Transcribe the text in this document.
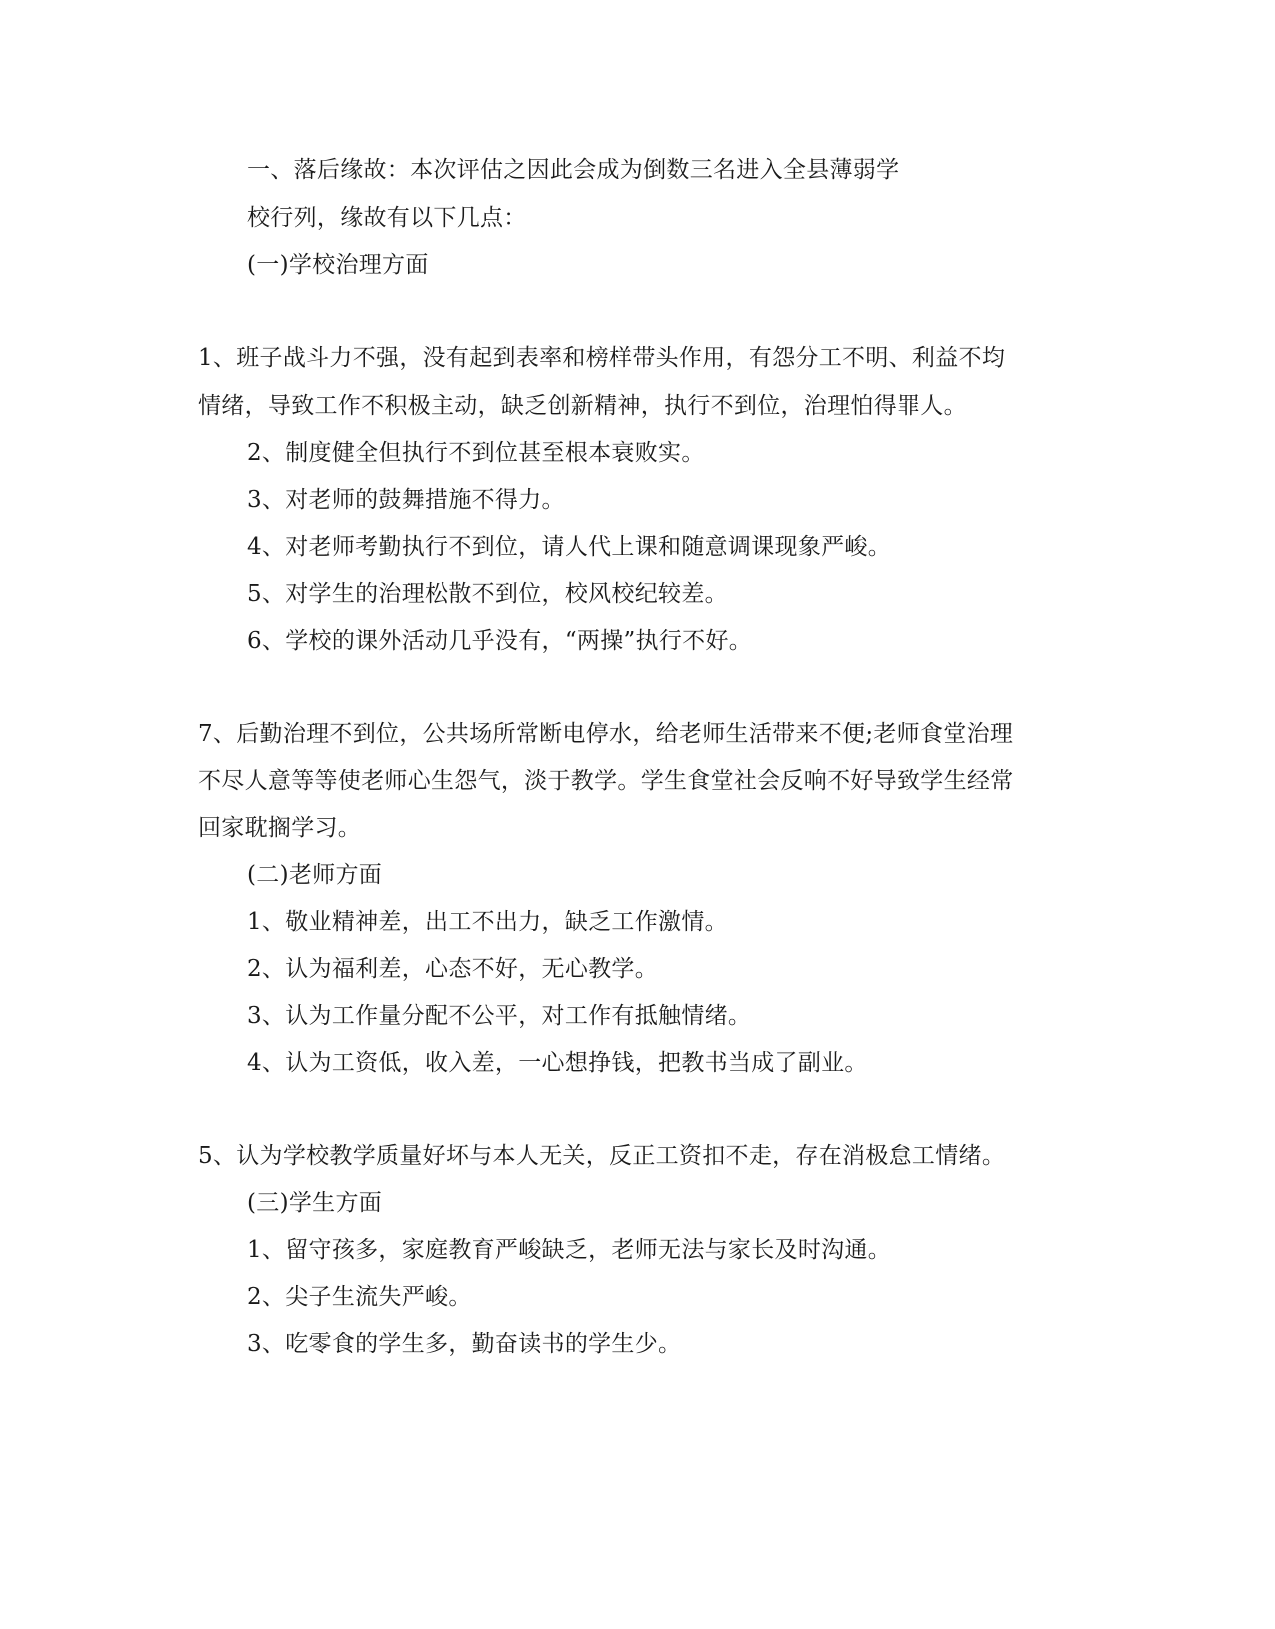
一、落后缘故：本次评估之因此会成为倒数三名进入全县薄弱学
校行列，缘故有以下几点：
(一)学校治理方面
1、班子战斗力不强，没有起到表率和榜样带头作用，有怨分工不明、利益不均
情绪，导致工作不积极主动，缺乏创新精神，执行不到位，治理怕得罪人。
2、制度健全但执行不到位甚至根本衰败实。
3、对老师的鼓舞措施不得力。
4、对老师考勤执行不到位，请人代上课和随意调课现象严峻。
5、对学生的治理松散不到位，校风校纪较差。
6、学校的课外活动几乎没有，“两操”执行不好。
7、后勤治理不到位，公共场所常断电停水，给老师生活带来不便;老师食堂治理
不尽人意等等使老师心生怨气，淡于教学。学生食堂社会反响不好导致学生经常
回家耽搁学习。
(二)老师方面
1、敬业精神差，出工不出力，缺乏工作激情。
2、认为福利差，心态不好，无心教学。
3、认为工作量分配不公平，对工作有抵触情绪。
4、认为工资低，收入差，一心想挣钱，把教书当成了副业。
5、认为学校教学质量好坏与本人无关，反正工资扣不走，存在消极怠工情绪。
(三)学生方面
1、留守孩多，家庭教育严峻缺乏，老师无法与家长及时沟通。
2、尖子生流失严峻。
3、吃零食的学生多，勤奋读书的学生少。
